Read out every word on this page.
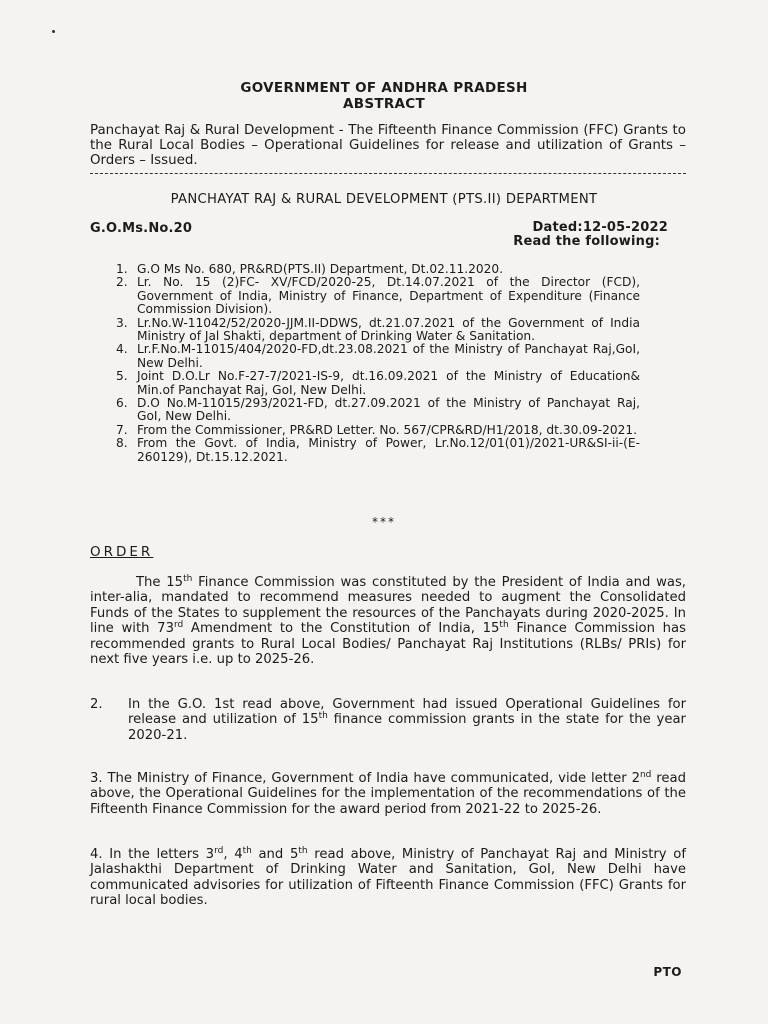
GOVERNMENT OF ANDHRA PRADESH
ABSTRACT
Panchayat Raj & Rural Development - The Fifteenth Finance Commission (FFC) Grants to the Rural Local Bodies – Operational Guidelines for release and utilization of Grants – Orders – Issued.
PANCHAYAT RAJ & RURAL DEVELOPMENT (PTS.II) DEPARTMENT
G.O.Ms.No.20	Dated:12-05-2022
Read the following:
1. G.O Ms No. 680, PR&RD(PTS.II) Department, Dt.02.11.2020.
2. Lr. No. 15 (2)FC- XV/FCD/2020-25, Dt.14.07.2021 of the Director (FCD), Government of India, Ministry of Finance, Department of Expenditure (Finance Commission Division).
3. Lr.No.W-11042/52/2020-JJM.II-DDWS, dt.21.07.2021 of the Government of India Ministry of Jal Shakti, department of Drinking Water & Sanitation.
4. Lr.F.No.M-11015/404/2020-FD,dt.23.08.2021 of the Ministry of Panchayat Raj,GoI, New Delhi.
5. Joint D.O.Lr No.F-27-7/2021-IS-9, dt.16.09.2021 of the Ministry of Education& Min.of Panchayat Raj, GoI, New Delhi.
6. D.O No.M-11015/293/2021-FD, dt.27.09.2021 of the Ministry of Panchayat Raj, GoI, New Delhi.
7. From the Commissioner, PR&RD Letter. No. 567/CPR&RD/H1/2018, dt.30.09-2021.
8. From the Govt. of India, Ministry of Power, Lr.No.12/01(01)/2021-UR&SI-ii-(E-260129), Dt.15.12.2021.
***
ORDER

The 15th Finance Commission was constituted by the President of India and was, inter-alia, mandated to recommend measures needed to augment the Consolidated Funds of the States to supplement the resources of the Panchayats during 2020-2025. In line with 73rd Amendment to the Constitution of India, 15th Finance Commission has recommended grants to Rural Local Bodies/ Panchayat Raj Institutions (RLBs/ PRIs) for next five years i.e. up to 2025-26.

2. In the G.O. 1st read above, Government had issued Operational Guidelines for release and utilization of 15th finance commission grants in the state for the year 2020-21.

3. The Ministry of Finance, Government of India have communicated, vide letter 2nd read above, the Operational Guidelines for the implementation of the recommendations of the Fifteenth Finance Commission for the award period from 2021-22 to 2025-26.

4. In the letters 3rd, 4th and 5th read above, Ministry of Panchayat Raj and Ministry of Jalashakthi Department of Drinking Water and Sanitation, GoI, New Delhi have communicated advisories for utilization of Fifteenth Finance Commission (FFC) Grants for rural local bodies.

PTO
